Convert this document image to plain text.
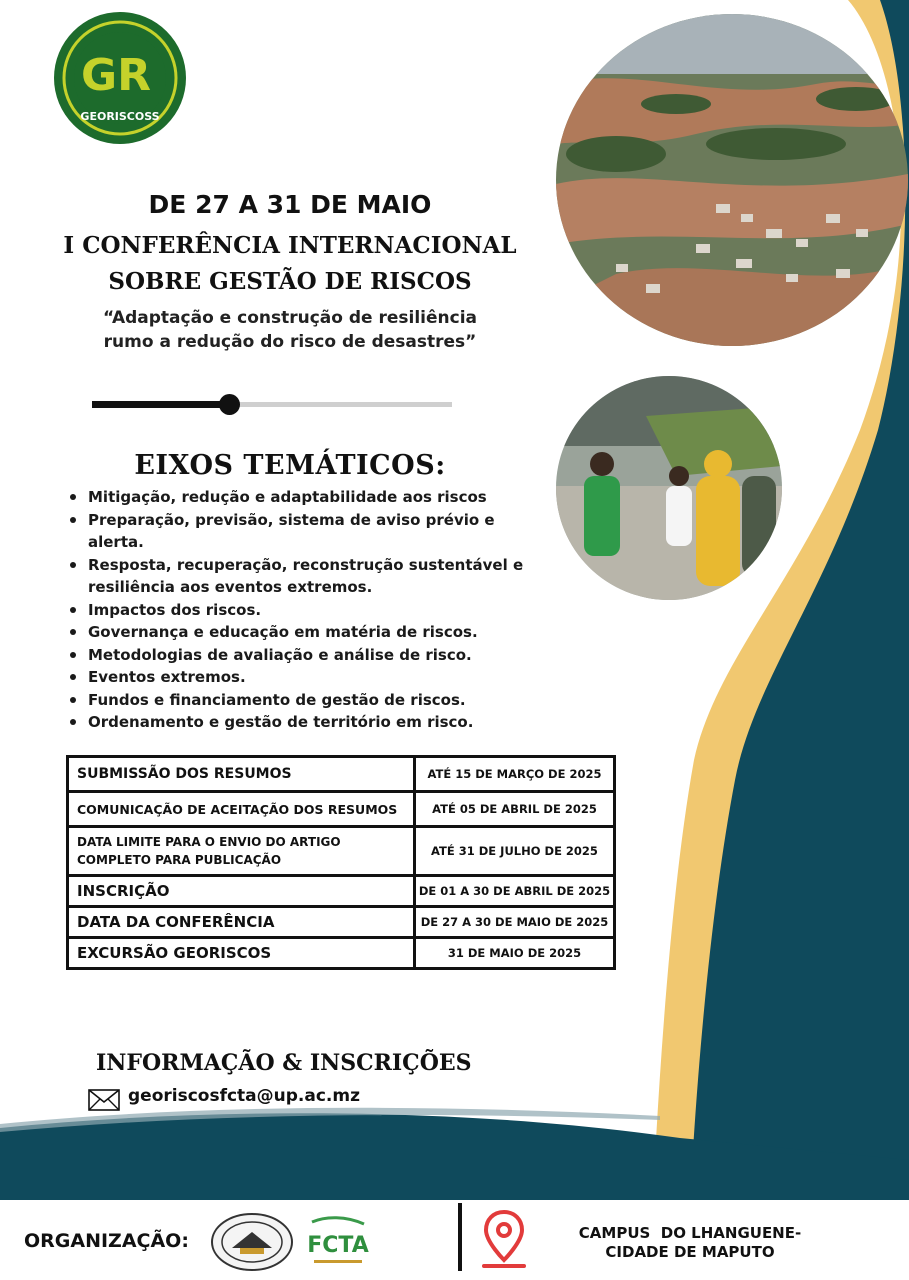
GR
GEORISCOSS
DE 27 A 31 DE MAIO
I CONFERÊNCIA INTERNACIONAL
SOBRE GESTÃO DE RISCOS
“Adaptação e construção de resiliência
rumo a redução do risco de desastres”
EIXOS TEMÁTICOS:
Mitigação, redução e adaptabilidade aos riscos
Preparação, previsão, sistema de aviso prévio e alerta.
Resposta, recuperação, reconstrução sustentável e resiliência aos eventos extremos.
Impactos dos riscos.
Governança e educação em matéria de riscos.
Metodologias de avaliação e análise de risco.
Eventos extremos.
Fundos e financiamento de gestão de riscos.
Ordenamento e gestão de território em risco.
SUBMISSÃO DOS RESUMOS	ATÉ 15 DE MARÇO DE 2025
COMUNICAÇÃO DE ACEITAÇÃO DOS RESUMOS	ATÉ 05 DE ABRIL DE 2025
DATA LIMITE PARA O ENVIO DO ARTIGO COMPLETO PARA PUBLICAÇÃO	ATÉ 31 DE JULHO DE 2025
INSCRIÇÃO	DE 01 A 30 DE ABRIL DE 2025
DATA DA CONFERÊNCIA	DE 27 A 30 DE MAIO DE 2025
EXCURSÃO GEORISCOS	31 DE MAIO DE 2025
INFORMAÇÃO & INSCRIÇÕES
georiscosfcta@up.ac.mz
ORGANIZAÇÃO:	FCTA	CAMPUS  DO LHANGUENE-
CIDADE DE MAPUTO
